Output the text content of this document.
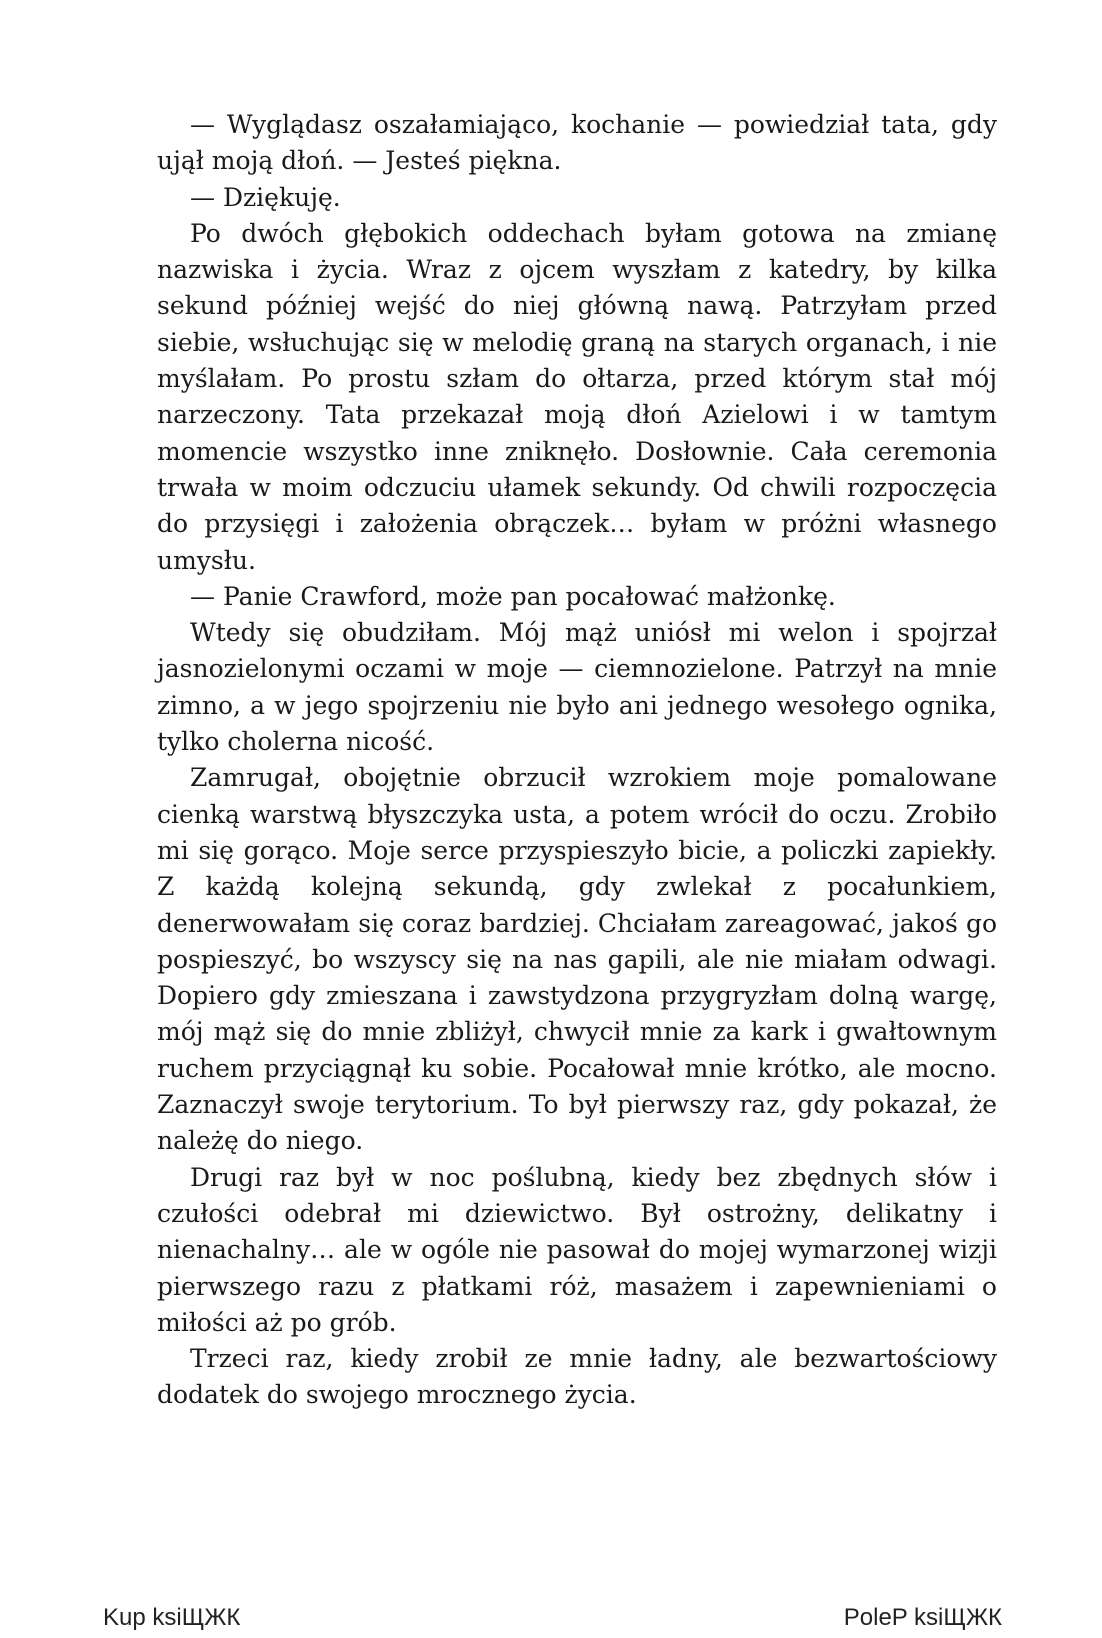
— Wyglądasz oszałamiająco, kochanie — powiedział tata, gdy ujął moją dłoń. — Jesteś piękna.

— Dziękuję.

Po dwóch głębokich oddechach byłam gotowa na zmianę nazwiska i życia. Wraz z ojcem wyszłam z katedry, by kilka sekund później wejść do niej główną nawą. Patrzyłam przed siebie, wsłuchując się w melodię graną na starych organach, i nie myślałam. Po prostu szłam do ołtarza, przed którym stał mój narzeczony. Tata przekazał moją dłoń Azielowi i w tamtym momencie wszystko inne zniknęło. Dosłownie. Cała ceremonia trwała w moim odczuciu ułamek sekundy. Od chwili rozpoczęcia do przysięgi i założenia obrączek… byłam w próżni własnego umysłu.

— Panie Crawford, może pan pocałować małżonkę.

Wtedy się obudziłam. Mój mąż uniósł mi welon i spojrzał jasnozielonymi oczami w moje — ciemnozielone. Patrzył na mnie zimno, a w jego spojrzeniu nie było ani jednego wesołego ognika, tylko cholerna nicość.

Zamrugał, obojętnie obrzucił wzrokiem moje pomalowane cienką warstwą błyszczyka usta, a potem wrócił do oczu. Zrobiło mi się gorąco. Moje serce przyspieszyło bicie, a policzki zapiekły. Z każdą kolejną sekundą, gdy zwlekał z pocałunkiem, denerwowałam się coraz bardziej. Chciałam zareagować, jakoś go pospieszyć, bo wszyscy się na nas gapili, ale nie miałam odwagi. Dopiero gdy zmieszana i zawstydzona przygryzłam dolną wargę, mój mąż się do mnie zbliżył, chwycił mnie za kark i gwałtownym ruchem przyciągnął ku sobie. Pocałował mnie krótko, ale mocno. Zaznaczył swoje terytorium. To był pierwszy raz, gdy pokazał, że należę do niego.

Drugi raz był w noc poślubną, kiedy bez zbędnych słów i czułości odebrał mi dziewictwo. Był ostrożny, delikatny i nienachalny… ale w ogóle nie pasował do mojej wymarzonej wizji pierwszego razu z płatkami róż, masażem i zapewnieniami o miłości aż po grób.

Trzeci raz, kiedy zrobił ze mnie ładny, ale bezwartościowy dodatek do swojego mrocznego życia.

Kup ksiЩЖК	PoleP ksiЩЖК
